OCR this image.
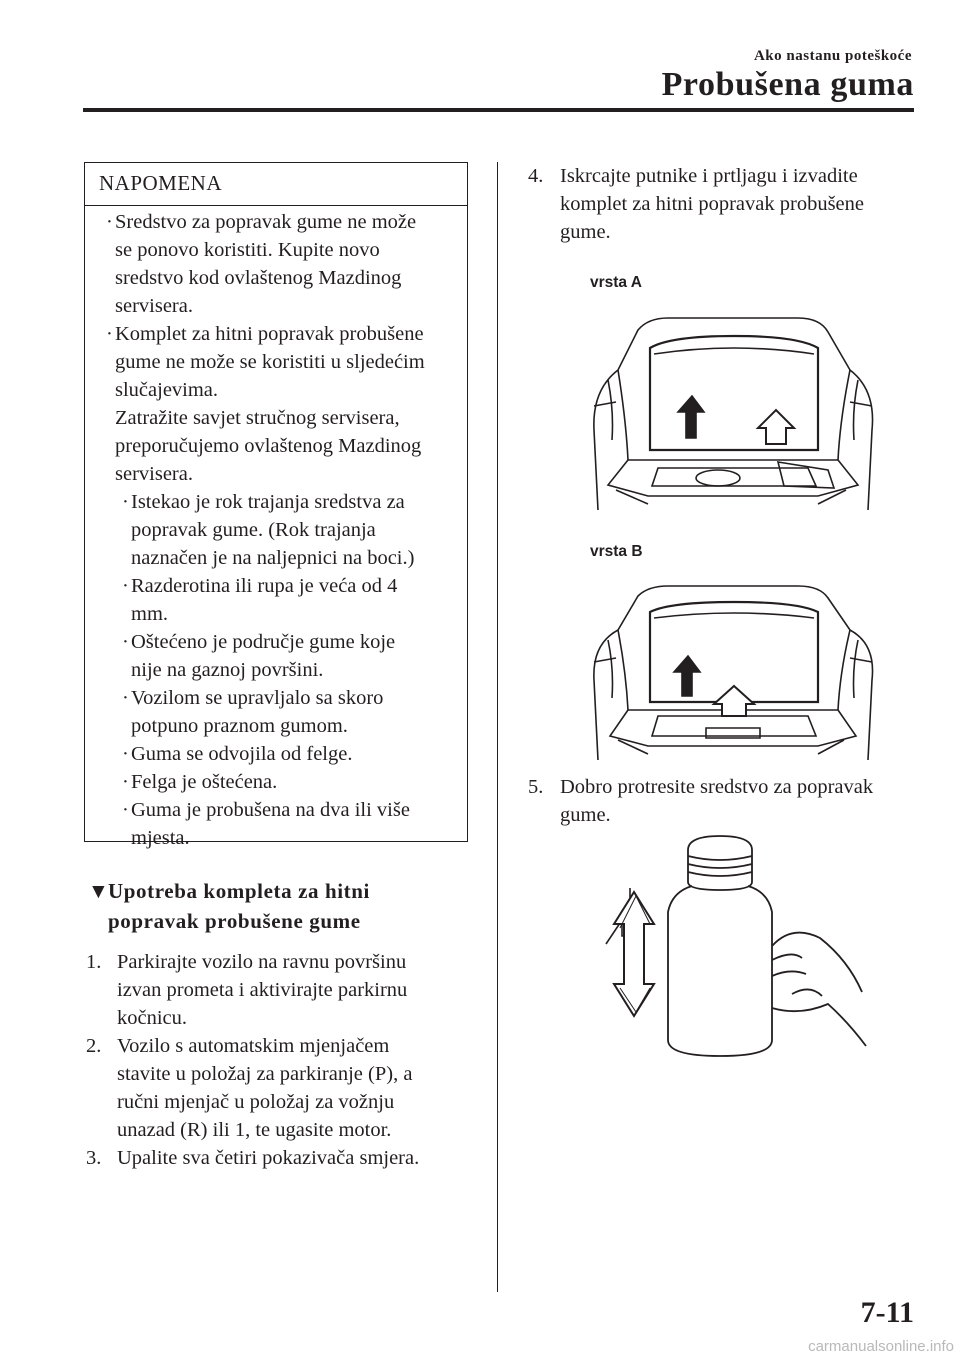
Ako nastanu poteškoće
Probušena guma
NAPOMENA
· Sredstvo za popravak gume ne može
se ponovo koristiti. Kupite novo
sredstvo kod ovlaštenog Mazdinog
servisera.
· Komplet za hitni popravak probušene
gume ne može se koristiti u sljedećim
slučajevima.
Zatražite savjet stručnog servisera,
preporučujemo ovlaštenog Mazdinog
servisera.
· Istekao je rok trajanja sredstva za
popravak gume. (Rok trajanja
naznačen je na naljepnici na boci.)
· Razderotina ili rupa je veća od 4
mm.
· Oštećeno je područje gume koje
nije na gaznoj površini.
· Vozilom se upravljalo sa skoro
potpuno praznom gumom.
· Guma se odvojila od felge.
· Felga je oštećena.
· Guma je probušena na dva ili više
mjesta.
▼
Upotreba kompleta za hitni
popravak probušene gume
1. Parkirajte vozilo na ravnu površinu
izvan prometa i aktivirajte parkirnu
kočnicu.
2. Vozilo s automatskim mjenjačem
stavite u položaj za parkiranje (P), a
ručni mjenjač u položaj za vožnju
unazad (R) ili 1, te ugasite motor.
3. Upalite sva četiri pokazivača smjera.
4. Iskrcajte putnike i prtljagu i izvadite
komplet za hitni popravak probušene
gume.
vrsta A
vrsta B
5. Dobro protresite sredstvo za popravak
gume.
7-11
carmanualsonline.info
